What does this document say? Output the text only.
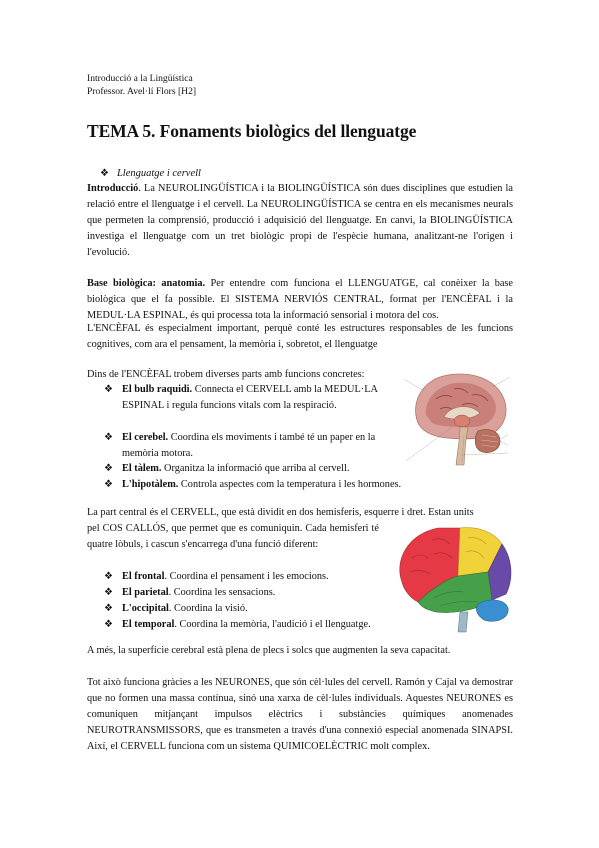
Introducció a la Lingüística
Professor. Avel·lí Flors [H2]
TEMA 5. Fonaments biològics del llenguatge
❖ Llenguatge i cervell
Introducció. La NEUROLINGÜÍSTICA i la BIOLINGÜÍSTICA són dues disciplines que estudien la relació entre el llenguatge i el cervell. La NEUROLINGÜÍSTICA se centra en els mecanismes neurals que permeten la comprensió, producció i adquisició del llenguatge. En canvi, la BIOLINGÜÍSTICA investiga el llenguatge com un tret biològic propi de l'espècie humana, analitzant-ne l'origen i l'evolució.
Base biològica: anatomia. Per entendre com funciona el LLENGUATGE, cal conèixer la base biològica que el fa possible. El SISTEMA NERVIÓS CENTRAL, format per l'ENCÈFAL i la MEDUL·LA ESPINAL, és qui processa tota la informació sensorial i motora del cos.
L'ENCÈFAL és especialment important, perquè conté les estructures responsables de les funcions cognitives, com ara el pensament, la memòria i, sobretot, el llenguatge
Dins de l'ENCÈFAL trobem diverses parts amb funcions concretes:
❖ El bulb raquidi. Connecta el CERVELL amb la MEDUL·LA ESPINAL i regula funcions vitals com la respiració.
❖ El cerebel. Coordina els moviments i també té un paper en la memòria motora.
❖ El tàlem. Organitza la informació que arriba al cervell.
❖ L'hipotàlem. Controla aspectes com la temperatura i les hormones.
La part central és el CERVELL, que està dividit en dos hemisferis, esquerre i dret. Estan units
pel COS CALLÓS, que permet que es comuniquin. Cada hemisferi té quatre lòbuls, i cascun s'encarrega d'una funció diferent:
❖ El frontal. Coordina el pensament i les emocions.
❖ El parietal. Coordina les sensacions.
❖ L'occipital. Coordina la visió.
❖ El temporal. Coordina la memòria, l'audició i el llenguatge.
A més, la superfície cerebral està plena de plecs i solcs que augmenten la seva capacitat.
Tot això funciona gràcies a les NEURONES, que són cèl·lules del cervell. Ramón y Cajal va demostrar que no formen una massa contínua, sinó una xarxa de cèl·lules individuals. Aquestes NEURONES es comuniquen mitjançant impulsos elèctrics i substàncies químiques anomenades NEUROTRANSMISSORS, que es transmeten a través d'una connexió especial anomenada SINAPSI. Així, el CERVELL funciona com un sistema QUIMICOELÈCTRIC molt complex.
